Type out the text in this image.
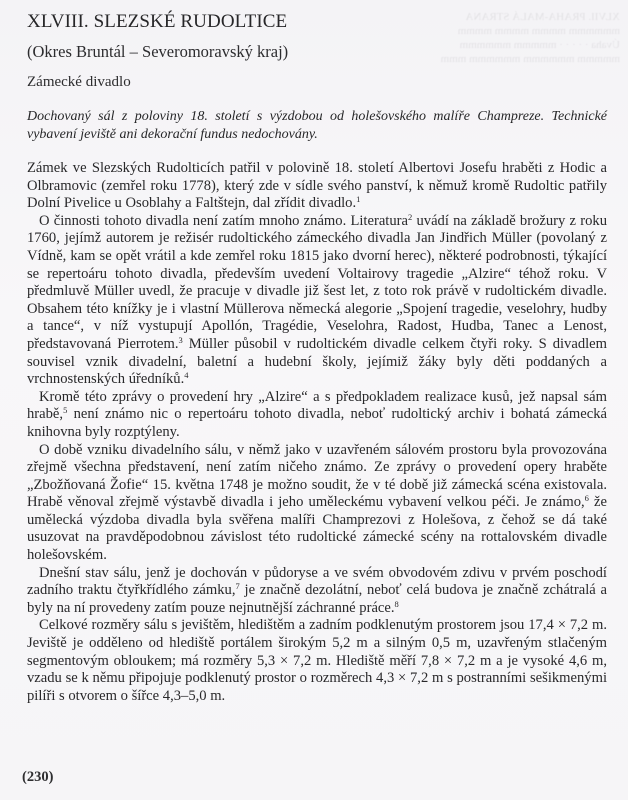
XLVII. PRAHA-MALÁ STRANA
mmmmmm mmmm mmmm mmmm
Úvaha · · · · · mmmmm mmmmmm
mmmmm mmmmmm mmmmmm mmm
XLVIII. SLEZSKÉ RUDOLTICE
(Okres Bruntál – Severomoravský kraj)
Zámecké divadlo

Dochovaný sál z poloviny 18. století s výzdobou od holešovského malíře Champreze. Technické vybavení jeviště ani dekorační fundus nedochovány.

Zámek ve Slezských Rudolticích patřil v polovině 18. století Albertovi Josefu hraběti z Hodic a Olbramovic (zemřel roku 1778), který zde v sídle svého panství, k němuž kromě Rudoltic patřily Dolní Pivelice u Osoblahy a Faltštejn, dal zřídit divadlo.$^1$

O činnosti tohoto divadla není zatím mnoho známo. Literatura$^2$ uvádí na základě brožury z roku 1760, jejímž autorem je režisér rudoltického zámeckého divadla Jan Jindřich Müller (povolaný z Vídně, kam se opět vrátil a kde zemřel roku 1815 jako dvorní herec), některé podrobnosti, týkající se repertoáru tohoto divadla, především uvedení Voltairovy tragedie „Alzire“ téhož roku. V předmluvě Müller uvedl, že pracuje v divadle již šest let, z toto rok právě v rudoltickém divadle. Obsahem této knížky je i vlastní Müllerova německá alegorie „Spojení tragedie, veselohry, hudby a tance“, v níž vystupují Apollón, Tragédie, Veselohra, Radost, Hudba, Tanec a Lenost, představovaná Pierrotem.$^3$ Müller působil v rudoltickém divadle celkem čtyři roky. S divadlem souvisel vznik divadelní, baletní a hudební školy, jejímiž žáky byly děti poddaných a vrchnostenských úředníků.$^4$

Kromě této zprávy o provedení hry „Alzire“ a s předpokladem realizace kusů, jež napsal sám hrabě,$^5$ není známo nic o repertoáru tohoto divadla, neboť rudoltický archiv i bohatá zámecká knihovna byly rozptýleny.

O době vzniku divadelního sálu, v němž jako v uzavřeném sálovém prostoru byla provozována zřejmě všechna představení, není zatím ničeho známo. Ze zprávy o provedení opery hraběte „Zbožňovaná Žofie“ 15. května 1748 je možno soudit, že v té době již zámecká scéna existovala. Hrabě věnoval zřejmě výstavbě divadla i jeho uměleckému vybavení velkou péči. Je známo,$^6$ že umělecká výzdoba divadla byla svěřena malíři Champrezovi z Holešova, z čehož se dá také usuzovat na pravděpodobnou závislost této rudoltické zámecké scény na rottalovském divadle holešovském.

Dnešní stav sálu, jenž je dochován v půdoryse a ve svém obvodovém zdivu v prvém poschodí zadního traktu čtyřkřídlého zámku,$^7$ je značně dezolátní, neboť celá budova je značně zchátralá a byly na ní provedeny zatím pouze nejnutnější záchranné práce.$^8$

Celkové rozměry sálu s jevištěm, hledištěm a zadním podklenutým prostorem jsou 17,4 × 7,2 m. Jeviště je odděleno od hlediště portálem širokým 5,2 m a silným 0,5 m, uzavřeným stlačeným segmentovým obloukem; má rozměry 5,3 × 7,2 m. Hlediště měří 7,8 × 7,2 m a je vysoké 4,6 m, vzadu se k němu připojuje podklenutý prostor o rozměrech 4,3 × 7,2 m s postranními sešikmenými pilíři s otvorem o šířce 4,3–5,0 m.

(230)
